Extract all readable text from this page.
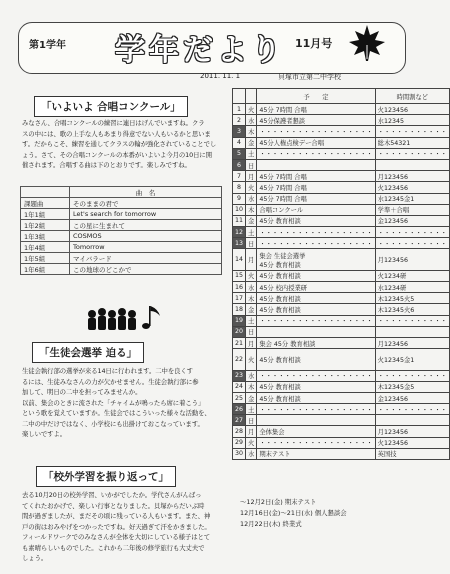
第1学年 学年だより 11月号
2011. 11. 1	貝塚市立第二中学校
「いよいよ 合唱コンクール」
みなさん、合唱コンクールの練習に連日はげんでいますね。クラ
スの中には、歌の上手な人もあまり得意でない人もいるかと思いま
す。だからこそ、練習を通してクラスの輪が強化されていることでし
ょう。さて、その合唱コンクールの本番がいよいよ今月の10日に開
催されます。合唱する曲は下のとおりです。楽しみですね。
	曲　名
課題曲	そのままの君で
1年1組	Let's search for tomorrow
1年2組	この星に生まれて
1年3組	COSMOS
1年4組	Tomorrow
1年5組	マイバラード
1年6組	この地球のどこかで
「生徒会選挙 迫る」
生徒会執行部の選挙が来る14日に行われます。二中を良くす
るには、生徒みなさんの力が欠かせません。生徒会執行部に参
加して、明日の二中を担ってみませんか。
以前、集会のときに流された「チャイムが鳴ったら席に着こう」
という歌を覚えていますか。生徒会ではこういった様々な活動を、
二中の中だけではなく、小学校にも出掛けておこなっています。
楽しいですよ。
「校外学習を振り返って」
去る10月20日の校外学習、いかがでしたか。学代さんがんばっ
てくれたおかげで、楽しい行事となりました。貝塚からだいぶ時
間が過ぎましたが、まだその頃に残っている人もいます。また、神
戸の街はおみやげをつかったですね。好天過ぎて汗をかきました。
フィールドワークでのみなさんが全体を大切にしている様子はとて
も素晴らしいものでした。これから二年後の修学旅行も大丈夫で
しょう。
		予　　定	時間割など
1	火	45分 7時間 合唱	火123456
2	水	45分保護者懇談	水12345
3	木	・・・・・・・・・・・・・・・・・・	・・・・・・・・・・・
4	金	45分人権点検デー合唱	総木54321
5	土	・・・・・・・・・・・・・・・・・・	・・・・・・・・・・・
6	日		
7	月	45分 7時間 合唱	月123456
8	火	45分 7時間 合唱	火123456
9	水	45分 7時間 合唱	水12345金1
10	木	合唱コンクール	学準＋合唱
11	金	45分 教育相談	金123456
12	土	・・・・・・・・・・・・・・・・・・	・・・・・・・・・・・
13	日	・・・・・・・・・・・・・・・・・・	・・・・・・・・・・・
14	月	集会 生徒会選挙
45分 教育相談	月123456
15	火	45分 教育相談	火1234研
16	水	45分 校内授業研	水1234研
17	木	45分 教育相談	木12345火5
18	金	45分 教育相談	木12345火6
19	土	・・・・・・・・・・・・・・・・・・	・・・・・・・・・・・
20	日		
21	月	集会 45分 教育相談	月123456
22	火	45分 教育相談	火12345金1
23	水	・・・・・・・・・・・・・・・・・・	・・・・・・・・・・・
24	木	45分 教育相談	木12345金5
25	金	45分 教育相談	金123456
26	土	・・・・・・・・・・・・・・・・・・	・・・・・・・・・・・
27	日		
28	月	全体集会	月123456
29	火	・・・・・・・・・・・・・・・・・・	火123456
30	水	期末テスト	英国技
～12月2日(金) 期末テスト
12月16日(金)～21日(水) 個人懇談会
12月22日(木) 終業式
